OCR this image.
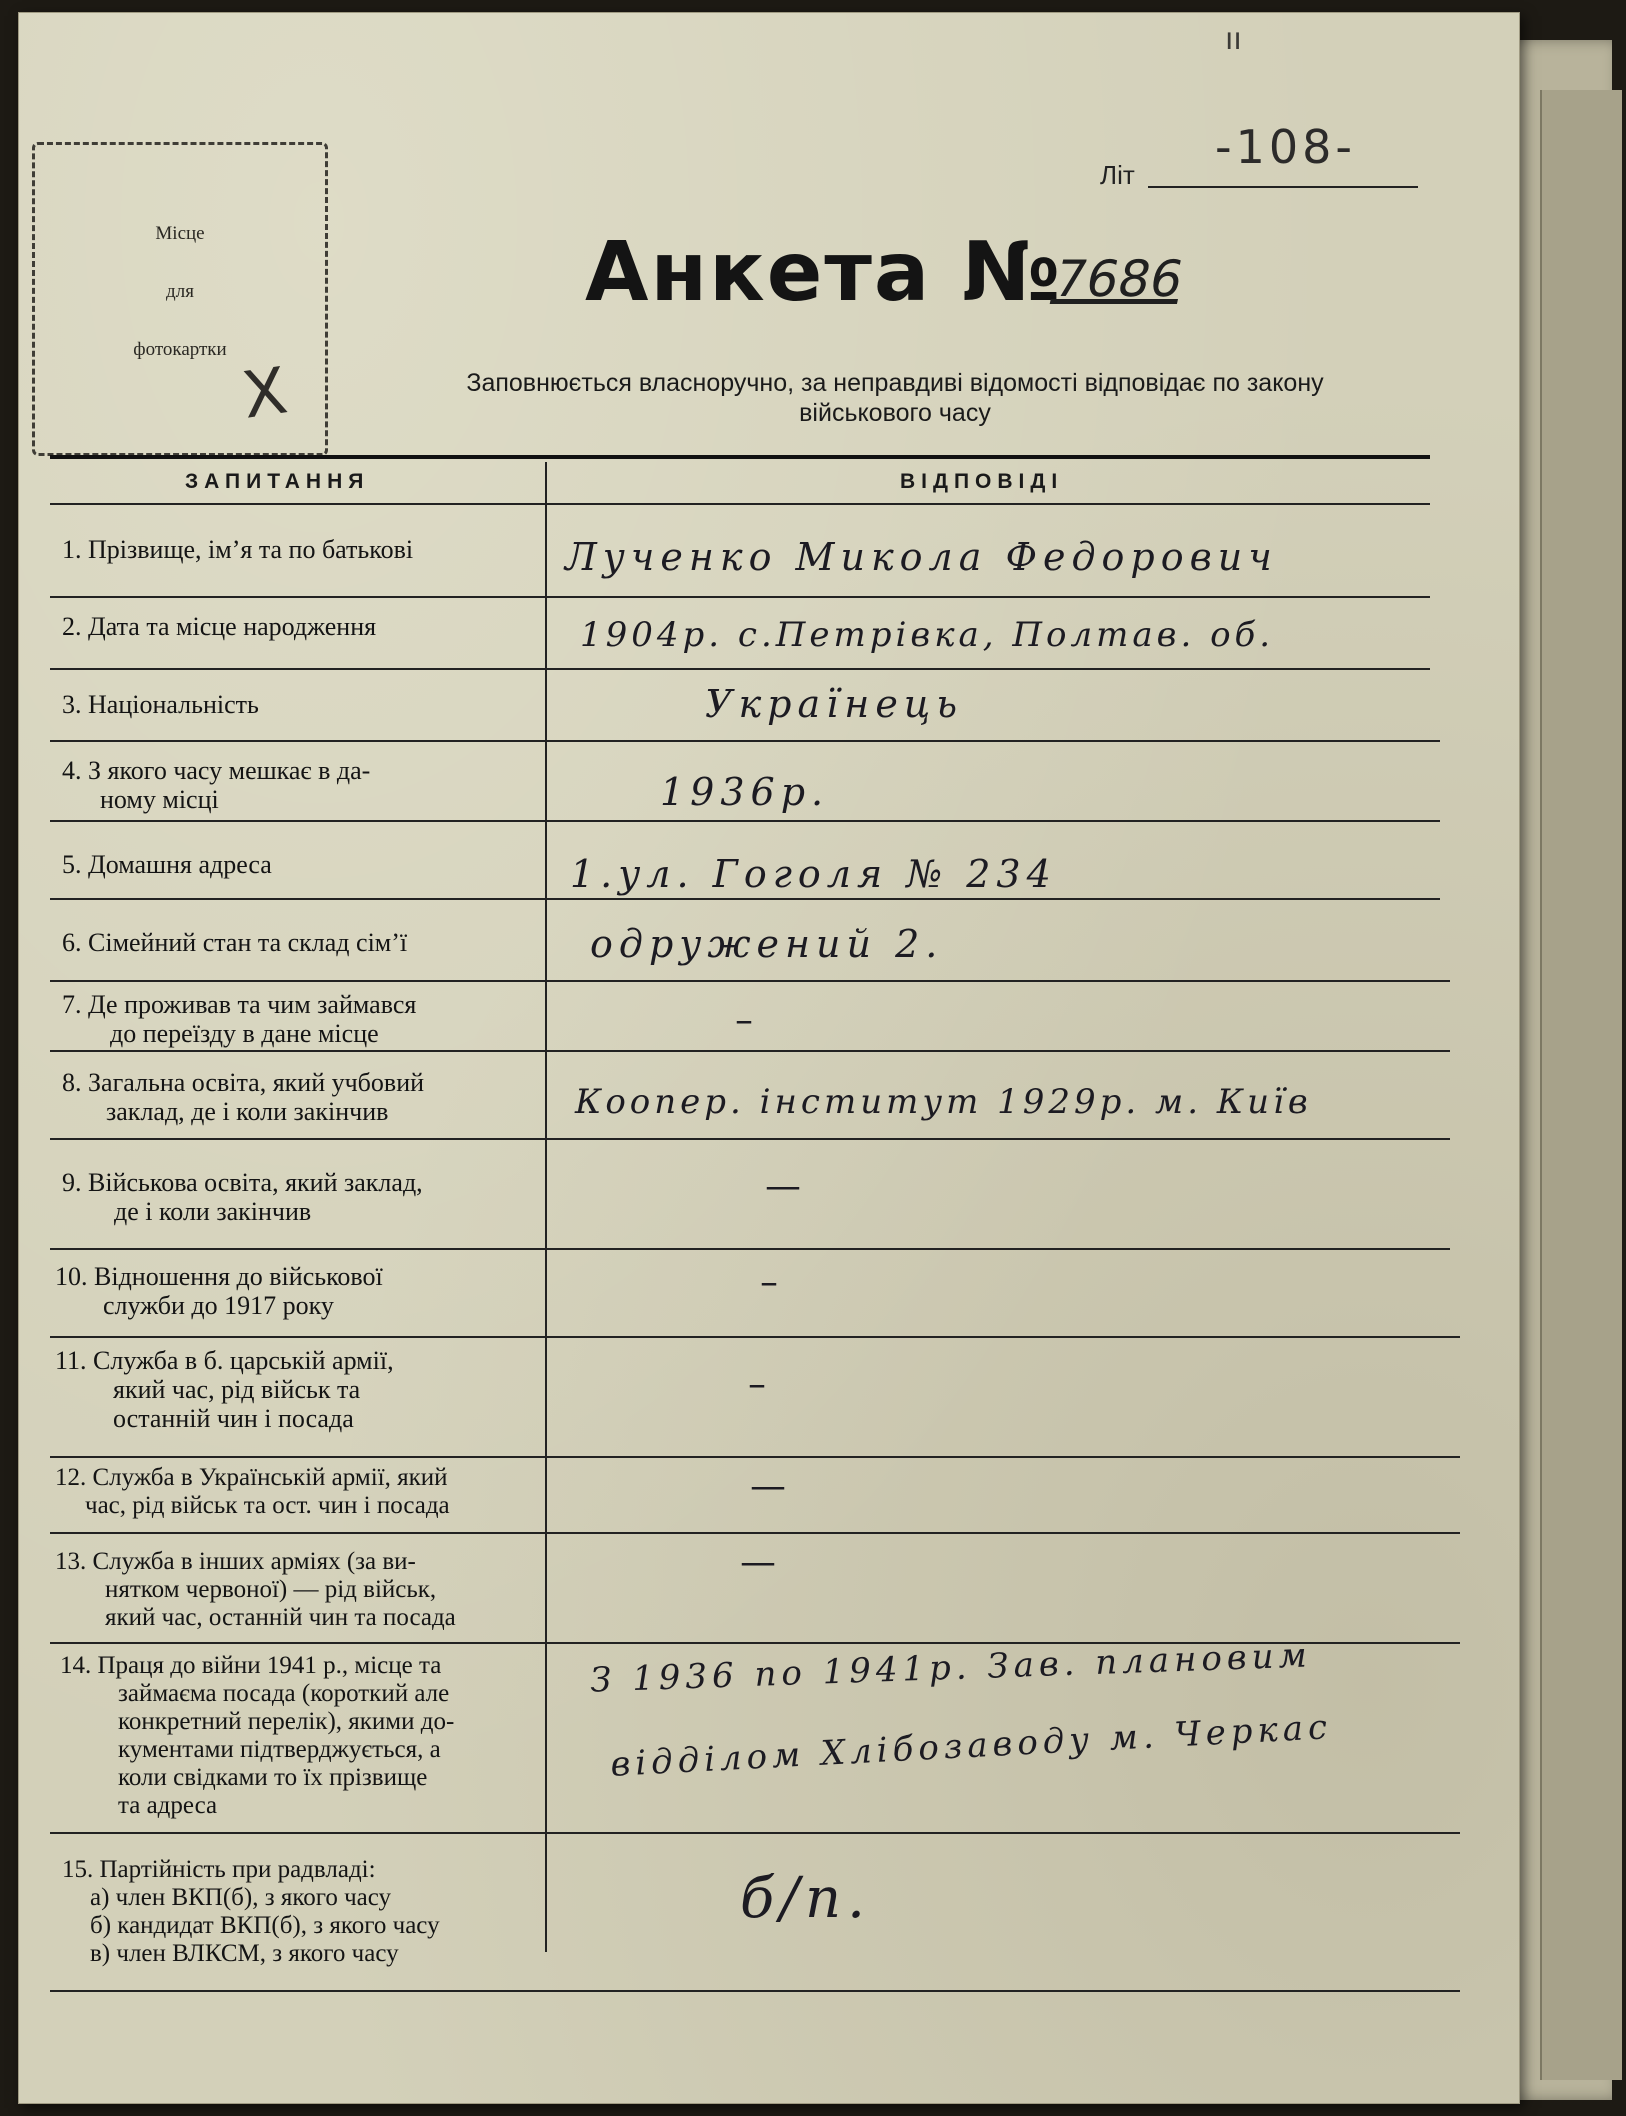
ıı
Місце
для
фотокартки
X
-108-
Літ
Анкета №
7686
Заповнюється власноручно, за неправдиві відомості відповідає по закону
військового часу
ЗАПИТАННЯ	ВІДПОВІДІ
1. Прізвище, ім’я та по батькові
2. Дата та місце народження
3. Національність
4. З якого часу мешкає в да-
ному місці
5. Домашня адреса
6. Сімейний стан та склад сім’ї
7. Де проживав та чим займався
до переїзду в дане місце
8. Загальна освіта, який учбовий
заклад, де і коли закінчив
9. Військова освіта, який заклад,
де і коли закінчив
10. Відношення до військової
служби до 1917 року
11. Служба в б. царській армії,
який час, рід військ та
останній чин і посада
12. Служба в Українській армії, який
час, рід військ та ост. чин і посада
13. Служба в інших арміях (за ви-
нятком червоної) — рід військ,
який час, останній чин та посада
14. Праця до війни 1941 р., місце та
займаєма посада (короткий але
конкретний перелік), якими до-
кументами підтверджується, а
коли свідками то їх прізвище
та адреса
15. Партійність при радвладі:
а) член ВКП(б), з якого часу
б) кандидат ВКП(б), з якого часу
в) член ВЛКСМ, з якого часу
Лученко Микола Федорович
1904р. с.Петрівка, Полтав. об.
Українець
1936р.
1.ул. Гоголя № 234
одружений 2.
–
Коопер. інститут 1929р. м. Київ
—
–
–
—
—
З 1936 по 1941р. Зав. плановим
відділом Хлібозаводу м. Черкас
б/п.
